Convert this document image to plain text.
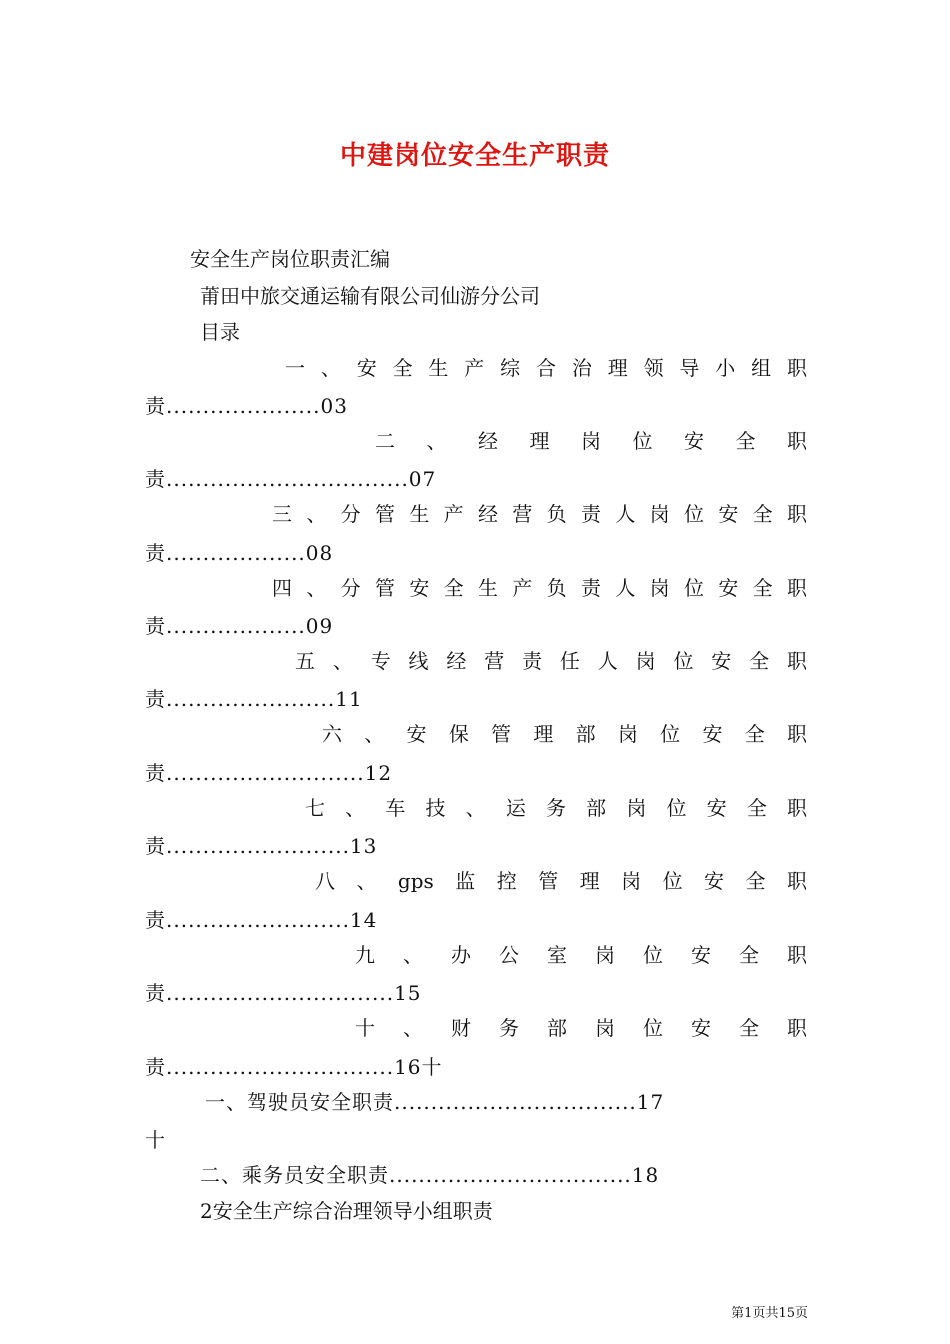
中建岗位安全生产职责
安全生产岗位职责汇编
莆田中旅交通运输有限公司仙游分公司
目录
一、安全生产综合治理领导小组职
责.....................03
二、经理岗位安全职
责.................................07
三、分管生产经营负责人岗位安全职
责...................08
四、分管安全生产负责人岗位安全职
责...................09
五、专线经营责任人岗位安全职
责.......................11
六、安保管理部岗位安全职
责...........................12
七、车技、运务部岗位安全职
责.........................13
八、gps监控管理岗位安全职
责.........................14
九、办公室岗位安全职
责...............................15
十、财务部岗位安全职
责...............................16十
一、驾驶员安全职责.................................17
十
二、乘务员安全职责.................................18
2安全生产综合治理领导小组职责
第1页共15页
